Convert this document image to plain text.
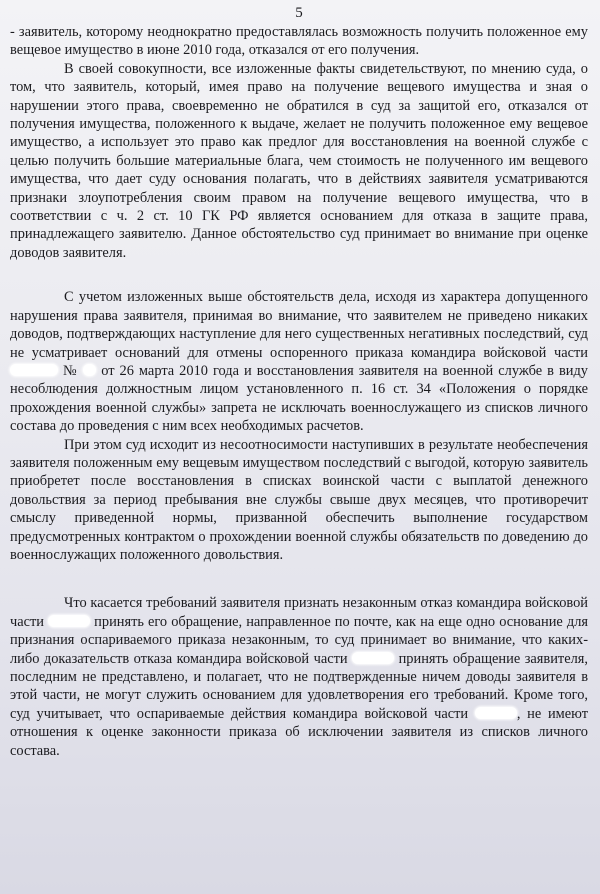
5

- заявитель, которому неоднократно предоставлялась возможность получить положенное ему вещевое имущество в июне 2010 года, отказался от его получения.

В своей совокупности, все изложенные факты свидетельствуют, по мнению суда, о том, что заявитель, который, имея право на получение вещевого имущества и зная о нарушении этого права, своевременно не обратился в суд за защитой его, отказался от получения имущества, положенного к выдаче, желает не получить положенное ему вещевое имущество, а использует это право как предлог для восстановления на военной службе с целью получить большие материальные блага, чем стоимость не полученного им вещевого имущества, что дает суду основания полагать, что в действиях заявителя усматриваются признаки злоупотребления своим правом на получение вещевого имущества, что в соответствии с ч. 2 ст. 10 ГК РФ является основанием для отказа в защите права, принадлежащего заявителю. Данное обстоятельство суд принимает во внимание при оценке доводов заявителя.

С учетом изложенных выше обстоятельств дела, исходя из характера допущенного нарушения права заявителя, принимая во внимание, что заявителем не приведено никаких доводов, подтверждающих наступление для него существенных негативных последствий, суд не усматривает оснований для отмены оспоренного приказа командира войсковой части  № от 26 марта 2010 года и восстановления заявителя на военной службе в виду несоблюдения должностным лицом установленного п. 16 ст. 34 «Положения о порядке прохождения военной службы» запрета не исключать военнослужащего из списков личного состава до проведения с ним всех необходимых расчетов.

При этом суд исходит из несоотносимости наступивших в результате необеспечения заявителя положенным ему вещевым имуществом последствий с выгодой, которую заявитель приобретет после восстановления в списках воинской части с выплатой денежного довольствия за период пребывания вне службы свыше двух месяцев, что противоречит смыслу приведенной нормы, призванной обеспечить выполнение государством предусмотренных контрактом о прохождении военной службы обязательств по доведению до военнослужащих положенного довольствия.

Что касается требований заявителя признать незаконным отказ командира войсковой части	принять его обращение, направленное по почте, как на еще одно основание для признания оспариваемого приказа незаконным, то суд принимает во внимание, что каких-либо доказательств отказа командира войсковой части	принять обращение заявителя, последним не представлено, и полагает, что не подтвержденные ничем доводы заявителя в этой части, не могут служить основанием для удовлетворения его требований. Кроме того, суд учитывает, что оспариваемые действия командира войсковой части	, не имеют отношения к оценке законности приказа об исключении заявителя из списков личного состава.
